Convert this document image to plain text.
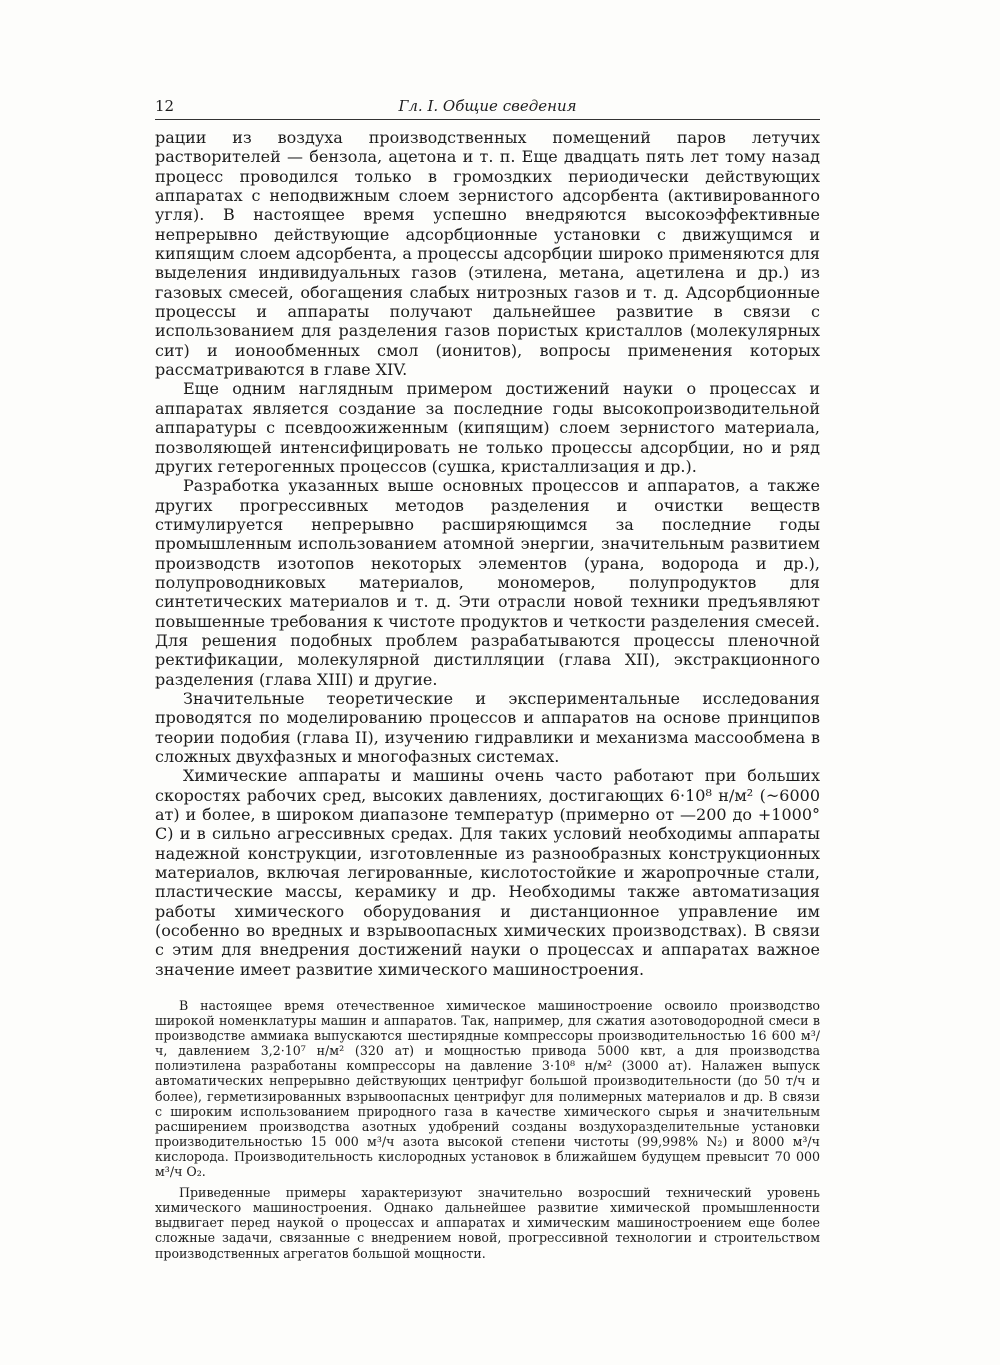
12	Гл. I. Общие сведения

рации из воздуха производственных помещений паров летучих растворителей — бензола, ацетона и т. п. Еще двадцать пять лет тому назад процесс проводился только в громоздких периодически действующих аппаратах с неподвижным слоем зернистого адсорбента (активированного угля). В настоящее время успешно внедряются высокоэффективные непрерывно действующие адсорбционные установки с движущимся и кипящим слоем адсорбента, а процессы адсорбции широко применяются для выделения индивидуальных газов (этилена, метана, ацетилена и др.) из газовых смесей, обогащения слабых нитрозных газов и т. д. Адсорбционные процессы и аппараты получают дальнейшее развитие в связи с использованием для разделения газов пористых кристаллов (молекулярных сит) и ионообменных смол (ионитов), вопросы применения которых рассматриваются в главе XIV.

Еще одним наглядным примером достижений науки о процессах и аппаратах является создание за последние годы высокопроизводительной аппаратуры с псевдоожиженным (кипящим) слоем зернистого материала, позволяющей интенсифицировать не только процессы адсорбции, но и ряд других гетерогенных процессов (сушка, кристаллизация и др.).

Разработка указанных выше основных процессов и аппаратов, а также других прогрессивных методов разделения и очистки веществ стимулируется непрерывно расширяющимся за последние годы промышленным использованием атомной энергии, значительным развитием производств изотопов некоторых элементов (урана, водорода и др.), полупроводниковых материалов, мономеров, полупродуктов для синтетических материалов и т. д. Эти отрасли новой техники предъявляют повышенные требования к чистоте продуктов и четкости разделения смесей. Для решения подобных проблем разрабатываются процессы пленочной ректификации, молекулярной дистилляции (глава XII), экстракционного разделения (глава XIII) и другие.

Значительные теоретические и экспериментальные исследования проводятся по моделированию процессов и аппаратов на основе принципов теории подобия (глава II), изучению гидравлики и механизма массообмена в сложных двухфазных и многофазных системах.

Химические аппараты и машины очень часто работают при больших скоростях рабочих сред, высоких давлениях, достигающих 6·10⁸ н/м² (~6000 ат) и более, в широком диапазоне температур (примерно от —200 до +1000° С) и в сильно агрессивных средах. Для таких условий необходимы аппараты надежной конструкции, изготовленные из разнообразных конструкционных материалов, включая легированные, кислотостойкие и жаропрочные стали, пластические массы, керамику и др. Необходимы также автоматизация работы химического оборудования и дистанционное управление им (особенно во вредных и взрывоопасных химических производствах). В связи с этим для внедрения достижений науки о процессах и аппаратах важное значение имеет развитие химического машиностроения.

В настоящее время отечественное химическое машиностроение освоило производство широкой номенклатуры машин и аппаратов. Так, например, для сжатия азотоводородной смеси в производстве аммиака выпускаются шестирядные компрессоры производительностью 16 600 м³/ч, давлением 3,2·10⁷ н/м² (320 ат) и мощностью привода 5000 квт, а для производства полиэтилена разработаны компрессоры на давление 3·10⁸ н/м² (3000 ат). Налажен выпуск автоматических непрерывно действующих центрифуг большой производительности (до 50 т/ч и более), герметизированных взрывоопасных центрифуг для полимерных материалов и др. В связи с широким использованием природного газа в качестве химического сырья и значительным расширением производства азотных удобрений созданы воздухоразделительные установки производительностью 15 000 м³/ч азота высокой степени чистоты (99,998% N₂) и 8000 м³/ч кислорода. Производительность кислородных установок в ближайшем будущем превысит 70 000 м³/ч O₂.

Приведенные примеры характеризуют значительно возросший технический уровень химического машиностроения. Однако дальнейшее развитие химической промышленности выдвигает перед наукой о процессах и аппаратах и химическим машиностроением еще более сложные задачи, связанные с внедрением новой, прогрессивной технологии и строительством производственных агрегатов большой мощности.
